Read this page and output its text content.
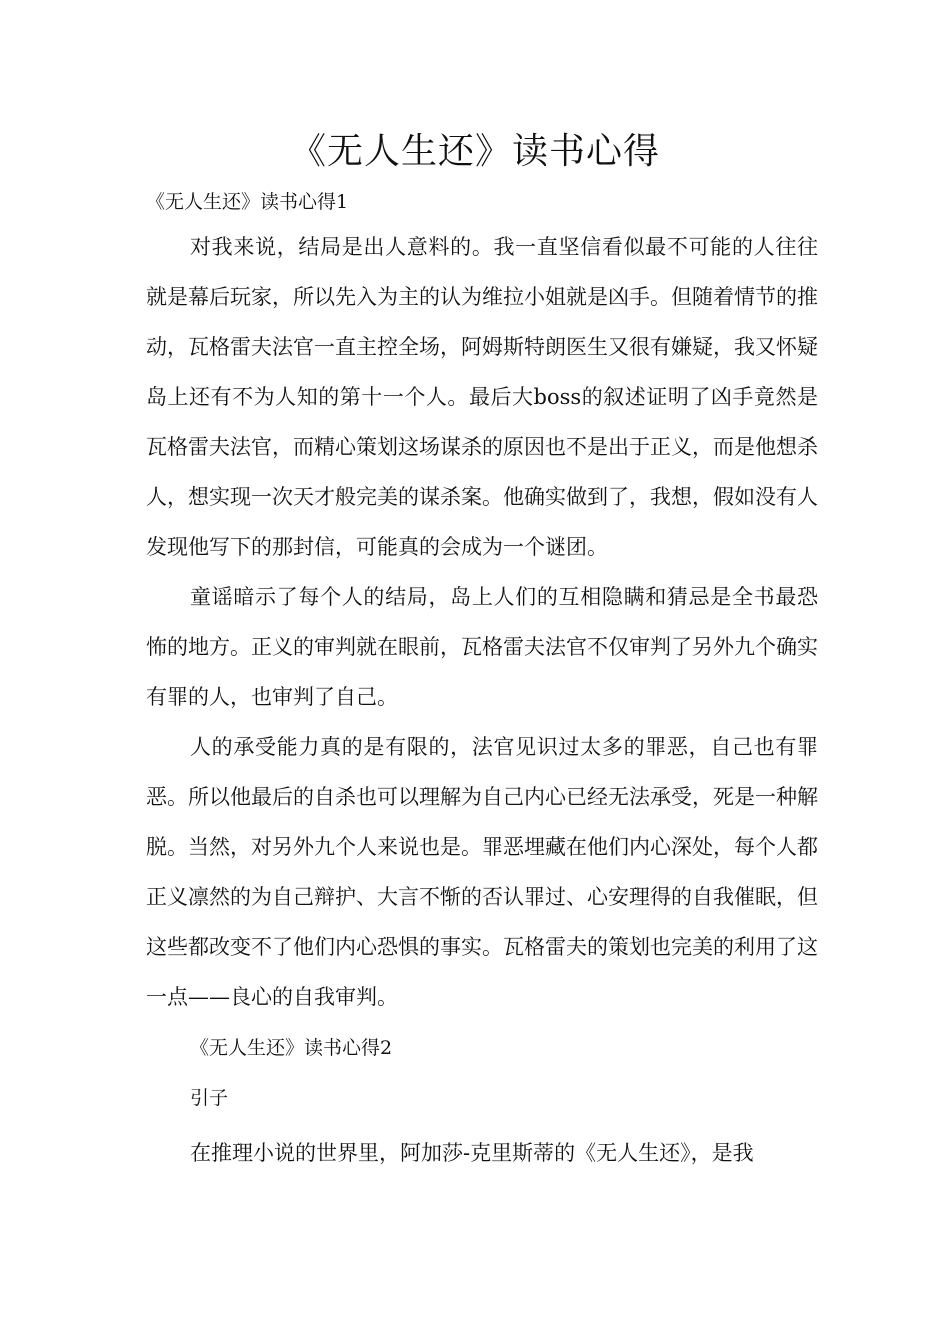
《无人生还》读书心得

《无人生还》读书心得1

对我来说，结局是出人意料的。我一直坚信看似最不可能的人往往就是幕后玩家，所以先入为主的认为维拉小姐就是凶手。但随着情节的推动，瓦格雷夫法官一直主控全场，阿姆斯特朗医生又很有嫌疑，我又怀疑岛上还有不为人知的第十一个人。最后大boss的叙述证明了凶手竟然是瓦格雷夫法官，而精心策划这场谋杀的原因也不是出于正义，而是他想杀人，想实现一次天才般完美的谋杀案。他确实做到了，我想，假如没有人发现他写下的那封信，可能真的会成为一个谜团。

童谣暗示了每个人的结局，岛上人们的互相隐瞒和猜忌是全书最恐怖的地方。正义的审判就在眼前，瓦格雷夫法官不仅审判了另外九个确实有罪的人，也审判了自己。

人的承受能力真的是有限的，法官见识过太多的罪恶，自己也有罪恶。所以他最后的自杀也可以理解为自己内心已经无法承受，死是一种解脱。当然，对另外九个人来说也是。罪恶埋藏在他们内心深处，每个人都正义凛然的为自己辩护、大言不惭的否认罪过、心安理得的自我催眠，但这些都改变不了他们内心恐惧的事实。瓦格雷夫的策划也完美的利用了这一点——良心的自我审判。

《无人生还》读书心得2

引子

在推理小说的世界里，阿加莎-克里斯蒂的《无人生还》，是我
